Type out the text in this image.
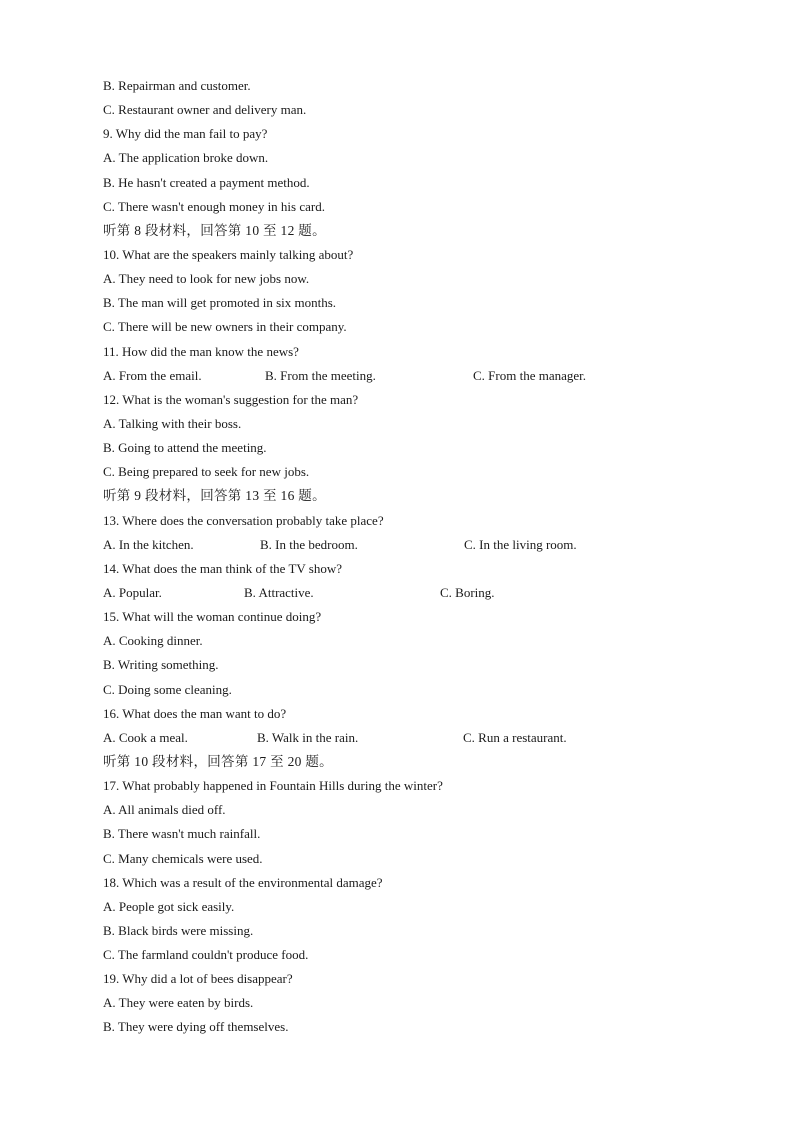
B. Repairman and customer.
C. Restaurant owner and delivery man.
9. Why did the man fail to pay?
A. The application broke down.
B. He hasn't created a payment method.
C. There wasn't enough money in his card.
听第 8 段材料，回答第 10 至 12 题。
10. What are the speakers mainly talking about?
A. They need to look for new jobs now.
B. The man will get promoted in six months.
C. There will be new owners in their company.
11. How did the man know the news?
A. From the email.	B. From the meeting.	C. From the manager.
12. What is the woman's suggestion for the man?
A. Talking with their boss.
B. Going to attend the meeting.
C. Being prepared to seek for new jobs.
听第 9 段材料，回答第 13 至 16 题。
13. Where does the conversation probably take place?
A. In the kitchen.	B. In the bedroom.	C. In the living room.
14. What does the man think of the TV show?
A. Popular.	B. Attractive.	C. Boring.
15. What will the woman continue doing?
A. Cooking dinner.
B. Writing something.
C. Doing some cleaning.
16. What does the man want to do?
A. Cook a meal.	B. Walk in the rain.	C. Run a restaurant.
听第 10 段材料，回答第 17 至 20 题。
17. What probably happened in Fountain Hills during the winter?
A. All animals died off.
B. There wasn't much rainfall.
C. Many chemicals were used.
18. Which was a result of the environmental damage?
A. People got sick easily.
B. Black birds were missing.
C. The farmland couldn't produce food.
19. Why did a lot of bees disappear?
A. They were eaten by birds.
B. They were dying off themselves.
